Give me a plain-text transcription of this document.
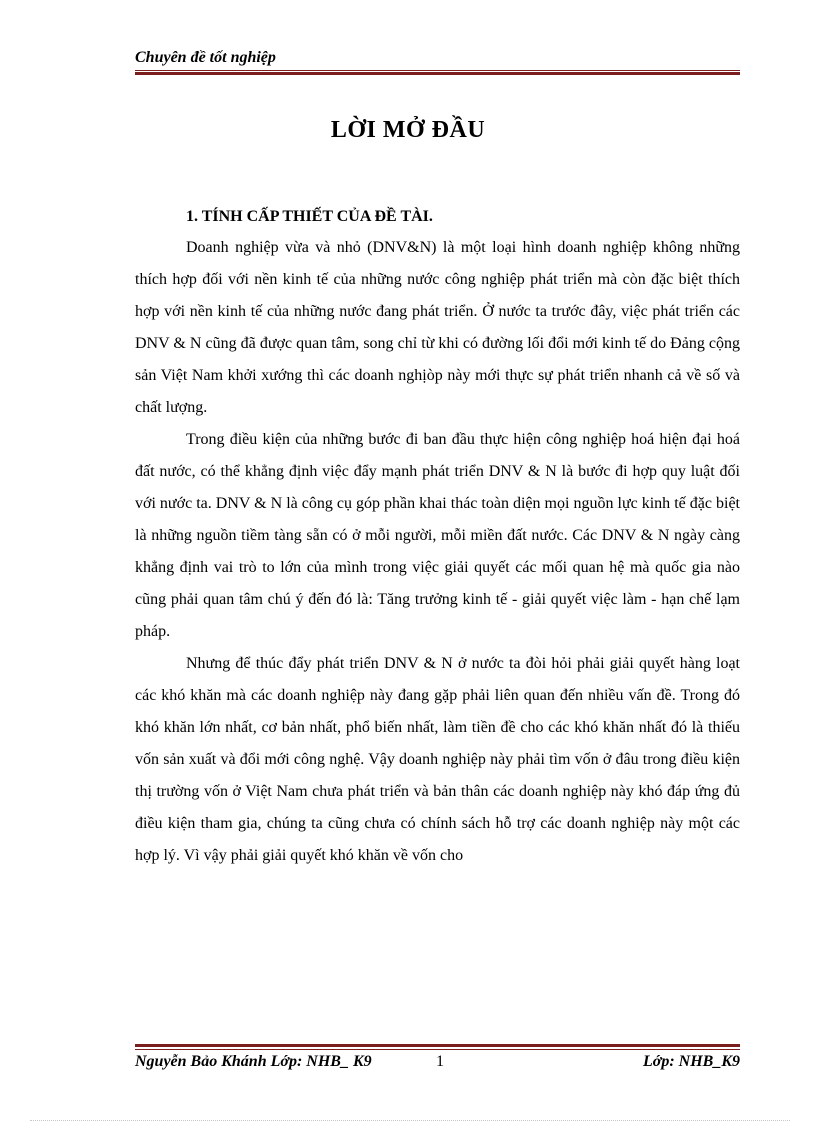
Chuyên đề tốt nghiệp
LỜI MỞ ĐẦU
1. TÍNH CẤP THIẾT CỦA ĐỀ TÀI.

Doanh nghiệp vừa và nhỏ (DNV&N) là một loại hình doanh nghiệp không những thích hợp đối với nền kinh tế của những nước công nghiệp phát triển mà còn đặc biệt thích hợp với nền kinh tế của những nước đang phát triển. Ở nước ta trước đây, việc phát triển các DNV & N cũng đã được quan tâm, song chỉ từ khi có đường lối đổi mới kinh tế do Đảng cộng sản Việt Nam khởi xướng thì các doanh nghịòp này mới thực sự phát triển nhanh cả về số và chất lượng.

Trong điều kiện của những bước đi ban đầu thực hiện công nghiệp hoá hiện đại hoá đất nước, có thể khẳng định việc đẩy mạnh phát triển DNV & N là bước đi hợp quy luật đối với nước ta. DNV & N là công cụ góp phần khai thác toàn diện mọi nguồn lực kinh tế đặc biệt là những nguồn tiềm tàng sẵn có ở mỗi người, mỗi miền đất nước. Các DNV & N ngày càng khẳng định vai trò to lớn của mình trong việc giải quyết các mối quan hệ mà quốc gia nào cũng phải quan tâm chú ý đến đó là: Tăng trưởng kinh tế - giải quyết việc làm - hạn chế lạm pháp.

Nhưng để thúc đẩy phát triển DNV & N ở nước ta đòi hỏi phải giải quyết hàng loạt các khó khăn mà các doanh nghiệp này đang gặp phải liên quan đến nhiều vấn đề. Trong đó khó khăn lớn nhất, cơ bản nhất, phổ biến nhất, làm tiền đề cho các khó khăn nhất đó là thiếu vốn sản xuất và đổi mới công nghệ. Vậy doanh nghiệp này phải tìm vốn ở đâu trong điều kiện thị trường vốn ở Việt Nam chưa phát triển và bản thân các doanh nghiệp này khó đáp ứng đủ điều kiện tham gia, chúng ta cũng chưa có chính sách hỗ trợ các doanh nghiệp này một các hợp lý. Vì vậy phải giải quyết khó khăn về vốn cho

Nguyễn Bảo Khánh Lớp: NHB_ K9	1	Lớp: NHB_K9
